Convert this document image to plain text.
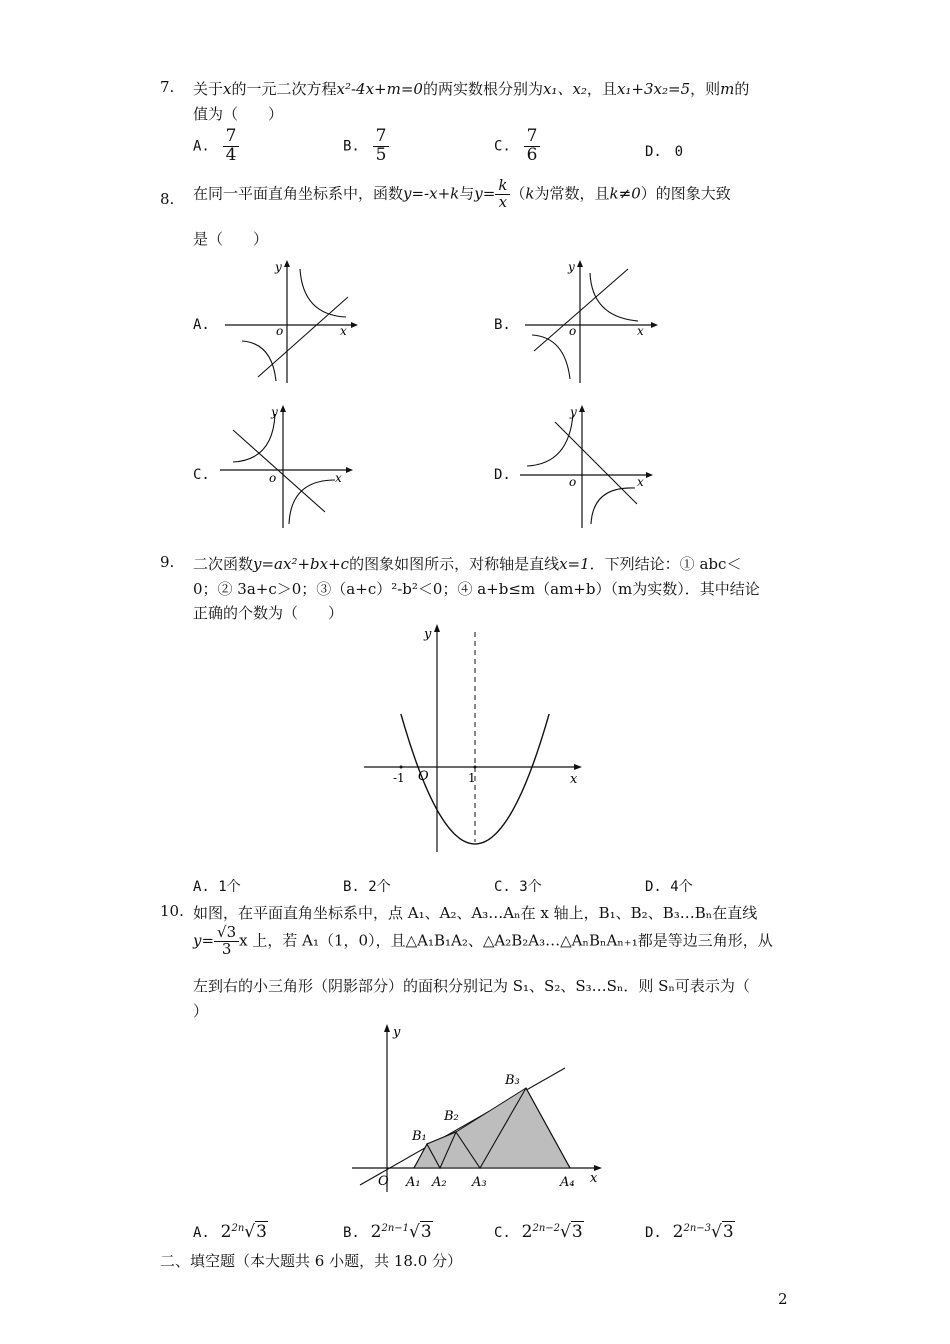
7. 关于x的一元二次方程x²-4x+m=0的两实数根分别为x₁、x₂，且x₁+3x₂=5，则m的
值为（　　）
A. $\frac{7}{4}$	B. $\frac{7}{5}$	C. $\frac{7}{6}$	D. 0
8. 在同一平面直角坐标系中，函数y=-x+k与$y= \frac{k}{x} (k$为常数，且k≠0）的图象大致
是（　　）
A.	B.
C.	D.
y
o	x
y
o	x
y
o	x
y
o	x
9. 二次函数y=ax²+bx+c的图象如图所示，对称轴是直线x=1．下列结论：① abc＜
0；② 3a+c＞0；③（a+c）²-b²＜0；④ a+b≤m（am+b）（m为实数）．其中结论
正确的个数为（　　）
y
x
O
-1	1
A. 1个	B. 2个	C. 3个	D. 4个
10. 如图，在平面直角坐标系中，点 A₁、A₂、A₃…Aₙ在 x 轴上，B₁、B₂、B₃…Bₙ在直线
$y= \frac{√3}{3}$ x 上，若 A₁（1，0），且△A₁B₁A₂、△A₂B₂A₃…△AₙBₙAₙ₊₁都是等边三角形，从
左到右的小三角形（阴影部分）的面积分别记为 S₁、S₂、S₃…Sₙ．则 Sₙ可表示为（
）
y
x
O
B₁
B₂
B₃
A₁ A₂ A₃	A₄
A. $2^{2n}√3$	B. $2^{2n-1}√3$	C. $2^{2n-2}√3$	D. $2^{2n-3}√3$
二、填空题（本大题共 6 小题，共 18.0 分）
2
